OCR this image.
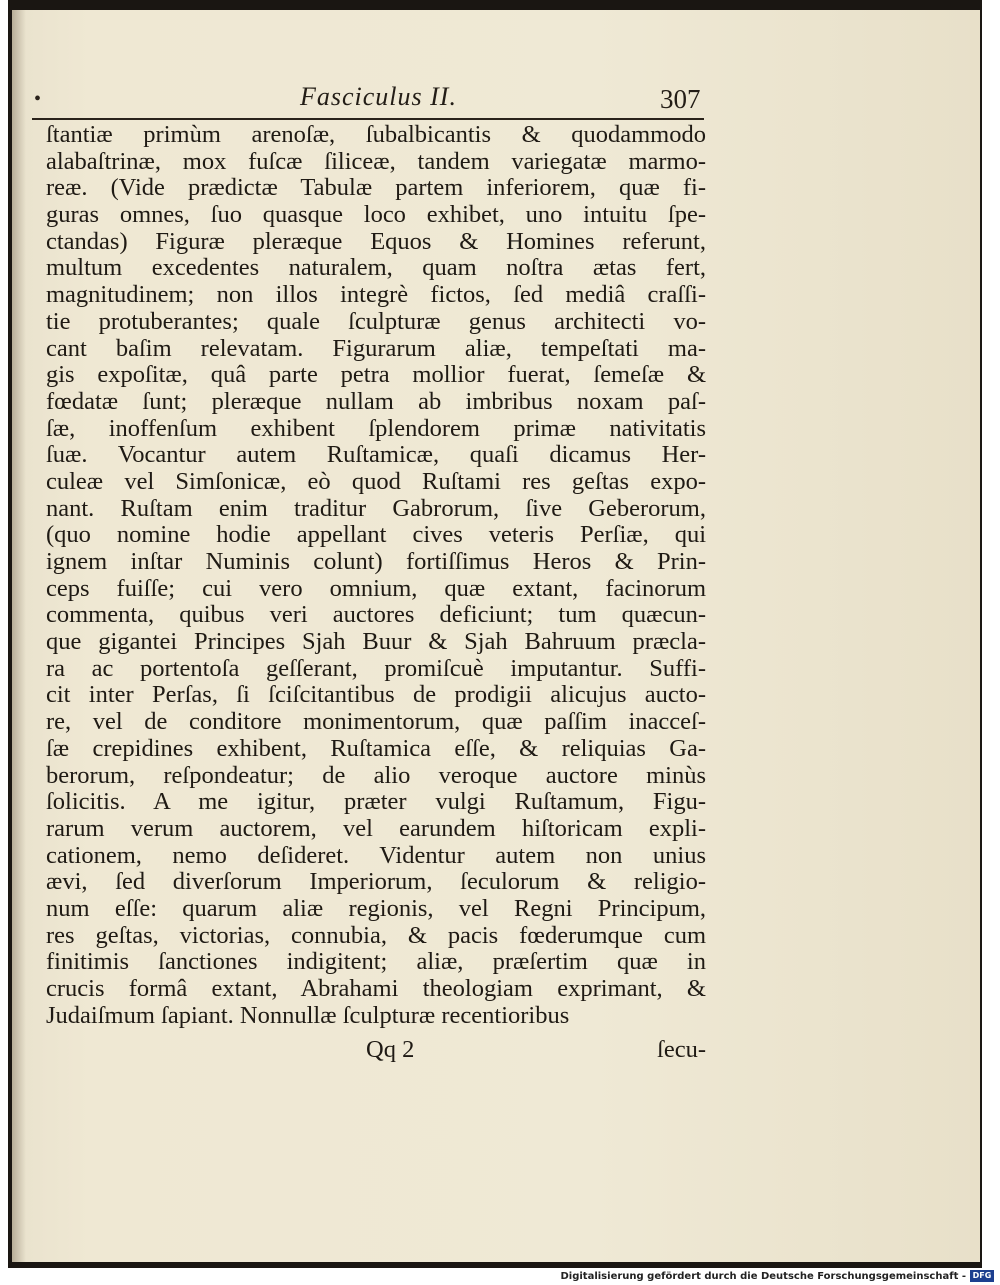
•	Fasciculus II.	307
ſtantiæ primùm arenoſæ, ſubalbicantis & quodammodo
alabaſtrinæ, mox fuſcæ ſiliceæ, tandem variegatæ marmo-
reæ. (Vide prædictæ Tabulæ partem inferiorem, quæ fi-
guras omnes, ſuo quasque loco exhibet, uno intuitu ſpe-
ctandas) Figuræ pleræque Equos & Homines referunt,
multum excedentes naturalem, quam noſtra ætas fert,
magnitudinem; non illos integrè fictos, ſed mediâ craſſi-
tie protuberantes; quale ſculpturæ genus architecti vo-
cant baſim relevatam. Figurarum aliæ, tempeſtati ma-
gis expoſitæ, quâ parte petra mollior fuerat, ſemeſæ &
fœdatæ ſunt; pleræque nullam ab imbribus noxam paſ-
ſæ, inoffenſum exhibent ſplendorem primæ nativitatis
ſuæ. Vocantur autem Ruſtamicæ, quaſi dicamus Her-
culeæ vel Simſonicæ, eò quod Ruſtami res geſtas expo-
nant. Ruſtam enim traditur Gabrorum, ſive Geberorum,
(quo nomine hodie appellant cives veteris Perſiæ, qui
ignem inſtar Numinis colunt) fortiſſimus Heros & Prin-
ceps fuiſſe; cui vero omnium, quæ extant, facinorum
commenta, quibus veri auctores deficiunt; tum quæcun-
que gigantei Principes Sjah Buur & Sjah Bahruum præcla-
ra ac portentoſa geſſerant, promiſcuè imputantur. Suffi-
cit inter Perſas, ſi ſciſcitantibus de prodigii alicujus aucto-
re, vel de conditore monimentorum, quæ paſſim inacceſ-
ſæ crepidines exhibent, Ruſtamica eſſe, & reliquias Ga-
berorum, reſpondeatur; de alio veroque auctore minùs
ſolicitis. A me igitur, præter vulgi Ruſtamum, Figu-
rarum verum auctorem, vel earundem hiſtoricam expli-
cationem, nemo deſideret. Videntur autem non unius
ævi, ſed diverſorum Imperiorum, ſeculorum & religio-
num eſſe: quarum aliæ regionis, vel Regni Principum,
res geſtas, victorias, connubia, & pacis fœderumque cum
finitimis ſanctiones indigitent; aliæ, præſertim quæ in
crucis formâ extant, Abrahami theologiam exprimant, &
Judaiſmum ſapiant. Nonnullæ ſculpturæ recentioribus
Qq 2	ſecu-
Digitalisierung gefördert durch die Deutsche Forschungsgemeinschaft - DFG
